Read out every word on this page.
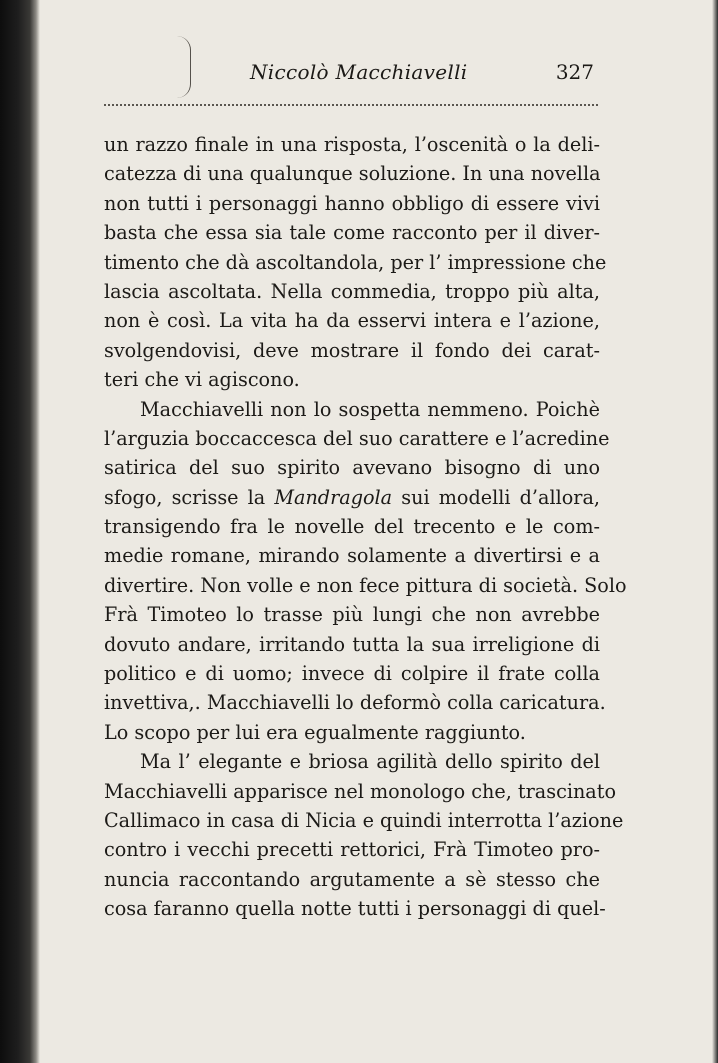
Niccolò Macchiavelli	327
un razzo finale in una risposta, l’oscenità o la deli-
catezza di una qualunque soluzione. In una novella
non tutti i personaggi hanno obbligo di essere vivi
basta che essa sia tale come racconto per il diver-
timento che dà ascoltandola, per l’ impressione che
lascia ascoltata. Nella commedia, troppo più alta,
non è così. La vita ha da esservi intera e l’azione,
svolgendovisi, deve mostrare il fondo dei carat-
teri che vi agiscono.
Macchiavelli non lo sospetta nemmeno. Poichè
l’arguzia boccaccesca del suo carattere e l’acredine
satirica del suo spirito avevano bisogno di uno
sfogo, scrisse la Mandragola sui modelli d’allora,
transigendo fra le novelle del trecento e le com-
medie romane, mirando solamente a divertirsi e a
divertire. Non volle e non fece pittura di società. Solo
Frà Timoteo lo trasse più lungi che non avrebbe
dovuto andare, irritando tutta la sua irreligione di
politico e di uomo; invece di colpire il frate colla
invettiva,. Macchiavelli lo deformò colla caricatura.
Lo scopo per lui era egualmente raggiunto.
Ma l’ elegante e briosa agilità dello spirito del
Macchiavelli apparisce nel monologo che, trascinato
Callimaco in casa di Nicia e quindi interrotta l’azione
contro i vecchi precetti rettorici, Frà Timoteo pro-
nuncia raccontando argutamente a sè stesso che
cosa faranno quella notte tutti i personaggi di quel-
